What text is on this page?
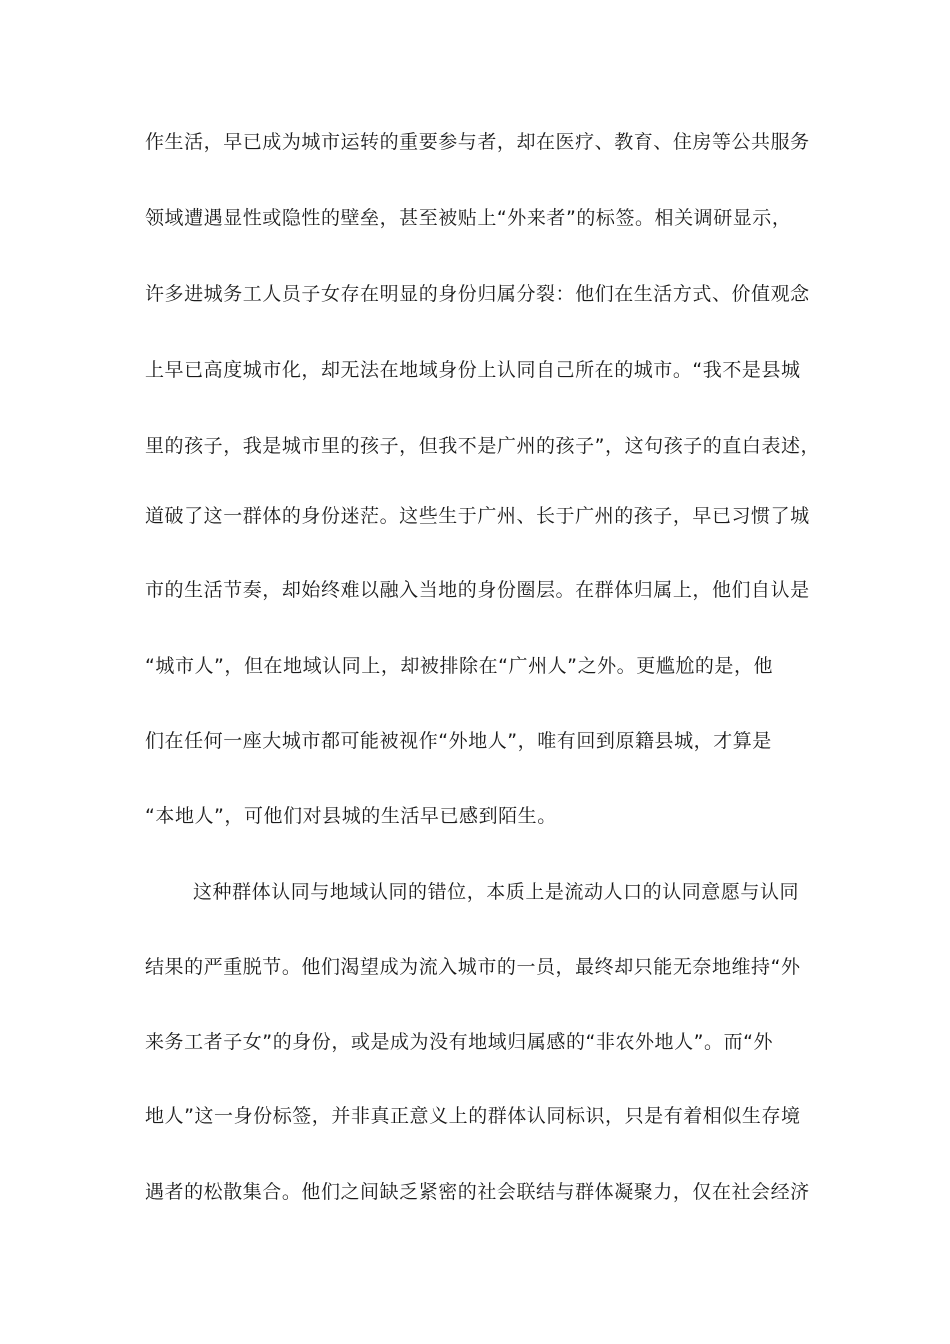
作生活，早已成为城市运转的重要参与者，却在医疗、教育、住房等公共服务
领域遭遇显性或隐性的壁垒，甚至被贴上“外来者”的标签。相关调研显示，
许多进城务工人员子女存在明显的身份归属分裂：他们在生活方式、价值观念
上早已高度城市化，却无法在地域身份上认同自己所在的城市。“我不是县城
里的孩子，我是城市里的孩子，但我不是广州的孩子”，这句孩子的直白表述，
道破了这一群体的身份迷茫。这些生于广州、长于广州的孩子，早已习惯了城
市的生活节奏，却始终难以融入当地的身份圈层。在群体归属上，他们自认是
“城市人”，但在地域认同上，却被排除在“广州人”之外。更尴尬的是，他
们在任何一座大城市都可能被视作“外地人”，唯有回到原籍县城，才算是
“本地人”，可他们对县城的生活早已感到陌生。
这种群体认同与地域认同的错位，本质上是流动人口的认同意愿与认同
结果的严重脱节。他们渴望成为流入城市的一员，最终却只能无奈地维持“外
来务工者子女”的身份，或是成为没有地域归属感的“非农外地人”。而“外
地人”这一身份标签，并非真正意义上的群体认同标识，只是有着相似生存境
遇者的松散集合。他们之间缺乏紧密的社会联结与群体凝聚力，仅在社会经济
